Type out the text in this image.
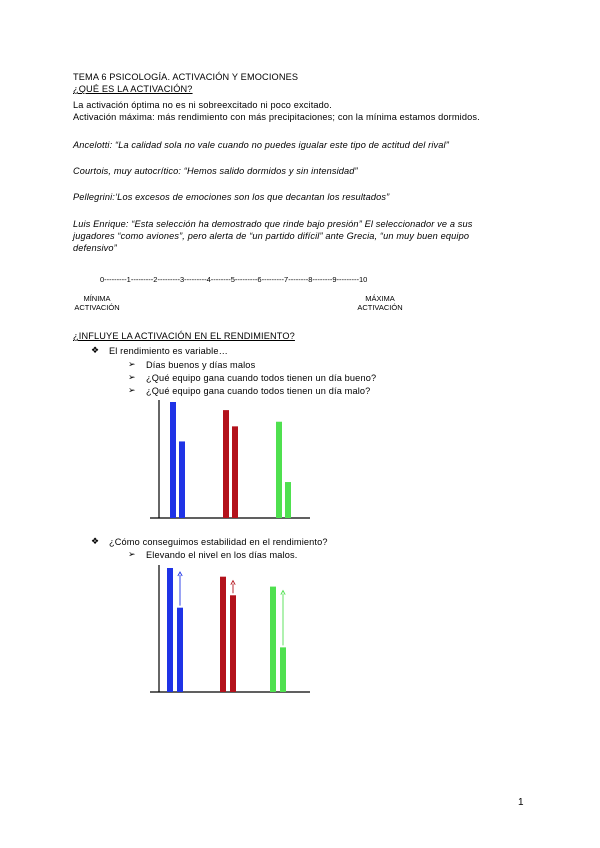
TEMA 6 PSICOLOGÍA. ACTIVACIÓN Y EMOCIONES
¿QUÉ ES LA ACTIVACIÓN?
La activación óptima no es ni sobreexcitado ni poco excitado.
Activación máxima: más rendimiento con más precipitaciones; con la mínima estamos dormidos.
Ancelotti: “La calidad sola no vale cuando no puedes igualar este tipo de actitud del rival”
Courtois, muy autocrítico: “Hemos salido dormidos y sin intensidad”
Pellegrini:‘Los excesos de emociones son los que decantan los resultados”
Luis Enrique: “Esta selección ha demostrado que rinde bajo presión” El seleccionador ve a sus jugadores “como aviones”, pero alerta de “un partido difícil” ante Grecia, “un muy buen equipo defensivo”
0---------1---------2---------3---------4--------5---------6---------7--------8--------9---------10
MÍNIMA ACTIVACIÓN
MÁXIMA ACTIVACIÓN
¿INFLUYE LA ACTIVACIÓN EN EL RENDIMIENTO?
❖ El rendimiento es variable…
➢ Días buenos y días malos
➢ ¿Qué equipo gana cuando todos tienen un día bueno?
➢ ¿Qué equipo gana cuando todos tienen un día malo?
❖ ¿Cómo conseguimos estabilidad en el rendimiento?
➢ Elevando el nivel en los días malos.
1
